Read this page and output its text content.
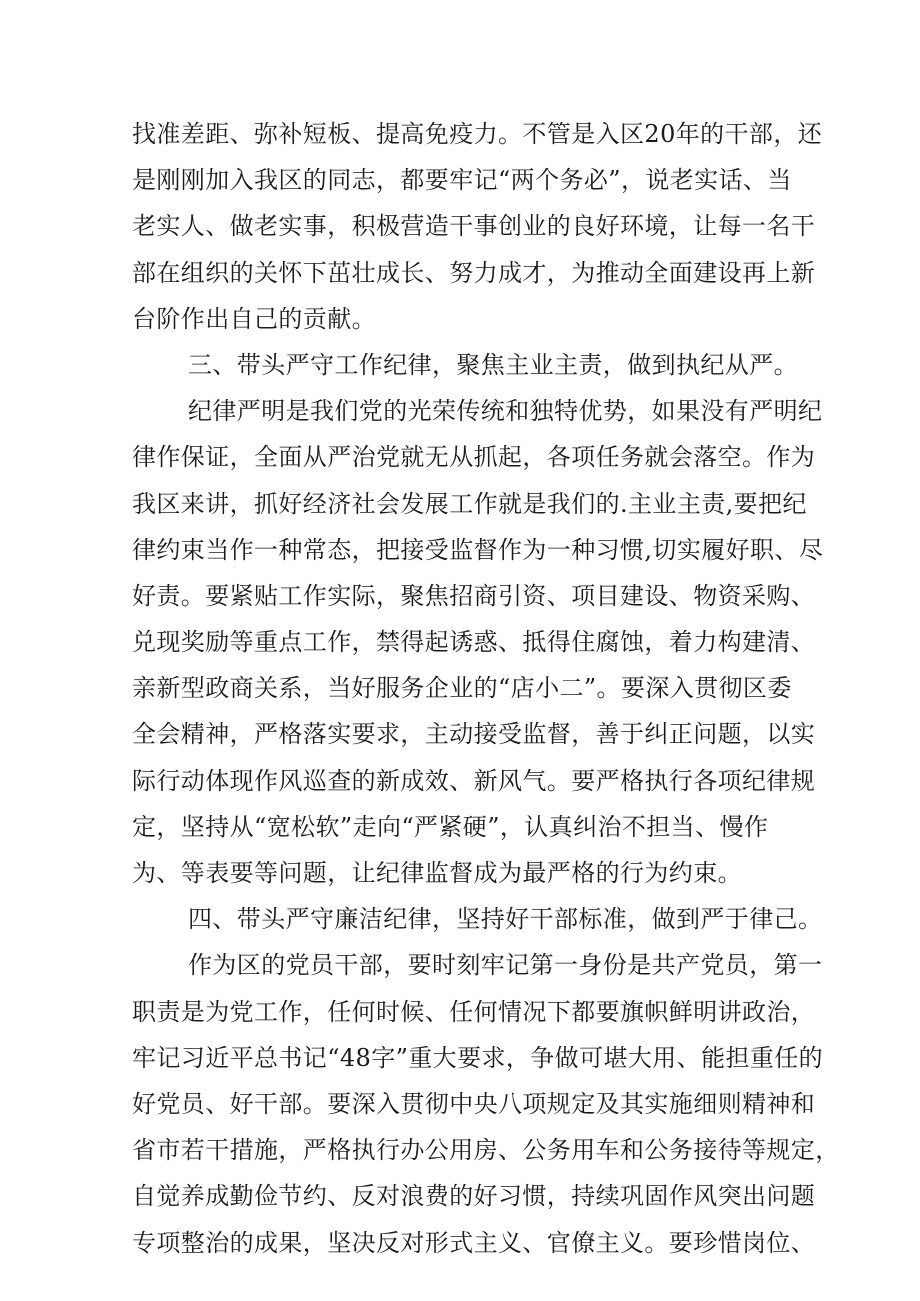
找准差距、弥补短板、提高免疫力。不管是入区20年的干部，还
是刚刚加入我区的同志，都要牢记“两个务必”，说老实话、当
老实人、做老实事，积极营造干事创业的良好环境，让每一名干
部在组织的关怀下茁壮成长、努力成才，为推动全面建设再上新
台阶作出自己的贡献。
三、带头严守工作纪律，聚焦主业主责，做到执纪从严。
纪律严明是我们党的光荣传统和独特优势，如果没有严明纪
律作保证，全面从严治党就无从抓起，各项任务就会落空。作为
我区来讲，抓好经济社会发展工作就是我们的.主业主责,要把纪
律约束当作一种常态，把接受监督作为一种习惯,切实履好职、尽
好责。要紧贴工作实际，聚焦招商引资、项目建设、物资采购、
兑现奖励等重点工作，禁得起诱惑、抵得住腐蚀，着力构建清、
亲新型政商关系，当好服务企业的“店小二”。要深入贯彻区委
全会精神，严格落实要求，主动接受监督，善于纠正问题，以实
际行动体现作风巡查的新成效、新风气。要严格执行各项纪律规
定，坚持从“宽松软”走向“严紧硬”，认真纠治不担当、慢作
为、等表要等问题，让纪律监督成为最严格的行为约束。
四、带头严守廉洁纪律，坚持好干部标准，做到严于律己。
作为区的党员干部，要时刻牢记第一身份是共产党员，第一
职责是为党工作，任何时候、任何情况下都要旗帜鲜明讲政治，
牢记习近平总书记“48字”重大要求，争做可堪大用、能担重任的
好党员、好干部。要深入贯彻中央八项规定及其实施细则精神和
省市若干措施，严格执行办公用房、公务用车和公务接待等规定，
自觉养成勤俭节约、反对浪费的好习惯，持续巩固作风突出问题
专项整治的成果，坚决反对形式主义、官僚主义。要珍惜岗位、
